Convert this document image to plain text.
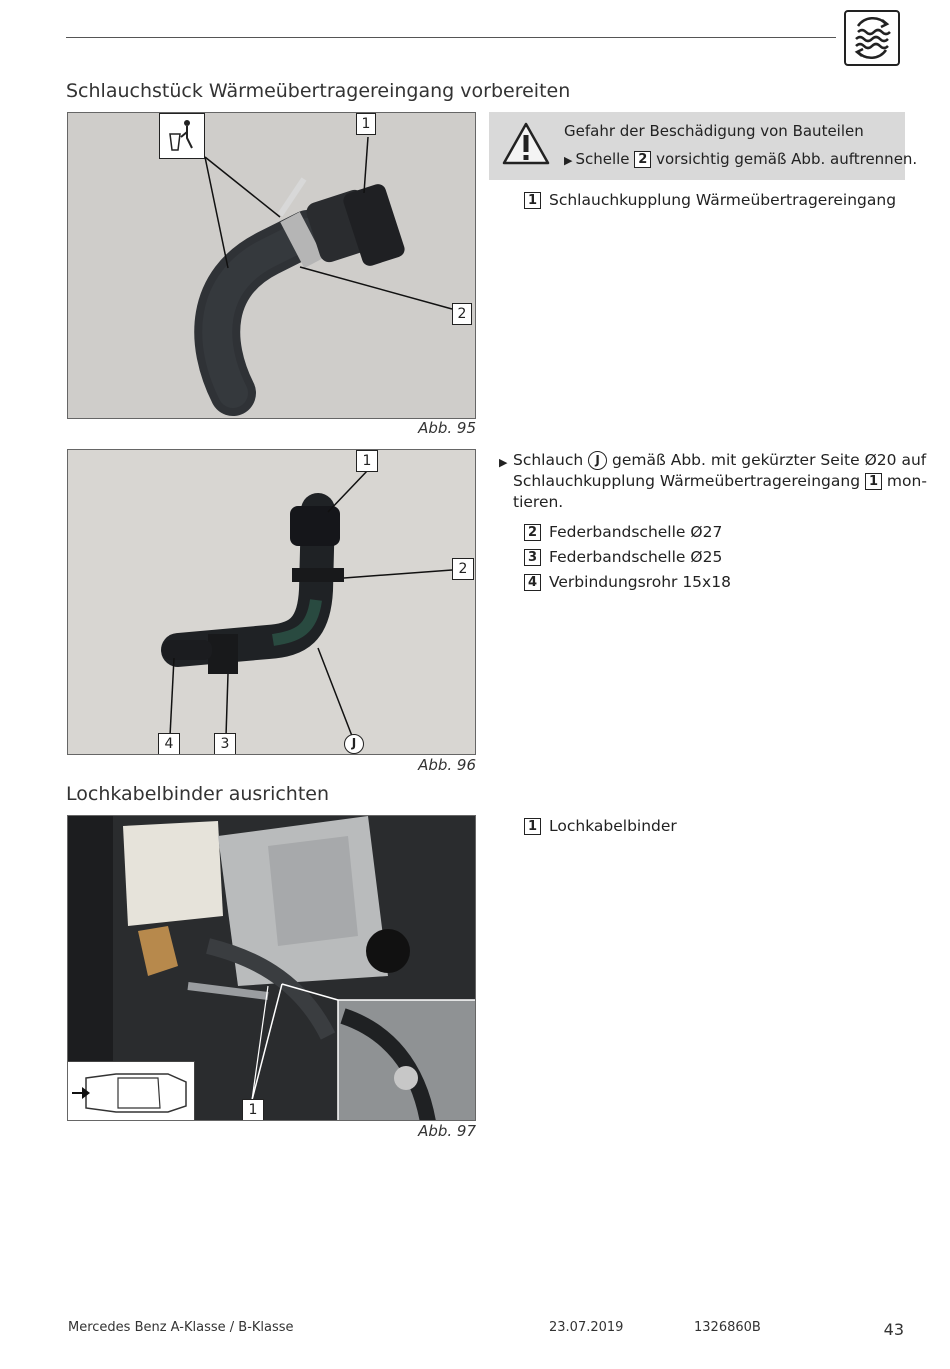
Schlauchstück Wärmeübertragereingang vorbereiten
1
2
Abb. 95
Gefahr der Beschädigung von Bauteilen
▶ Schelle 2 vorsichtig gemäß Abb. auftrennen.
1 Schlauchkupplung Wärmeübertragereingang
1
2
4	3	J
Abb. 96
▶ Schlauch J gemäß Abb. mit gekürzter Seite Ø20 auf
Schlauchkupplung Wärmeübertragereingang 1 mon-
tieren.
2 Federbandschelle Ø27
3 Federbandschelle Ø25
4 Verbindungsrohr 15x18
Lochkabelbinder ausrichten
1
Abb. 97
1 Lochkabelbinder
Mercedes Benz A-Klasse / B-Klasse	23.07.2019	1326860B	43
